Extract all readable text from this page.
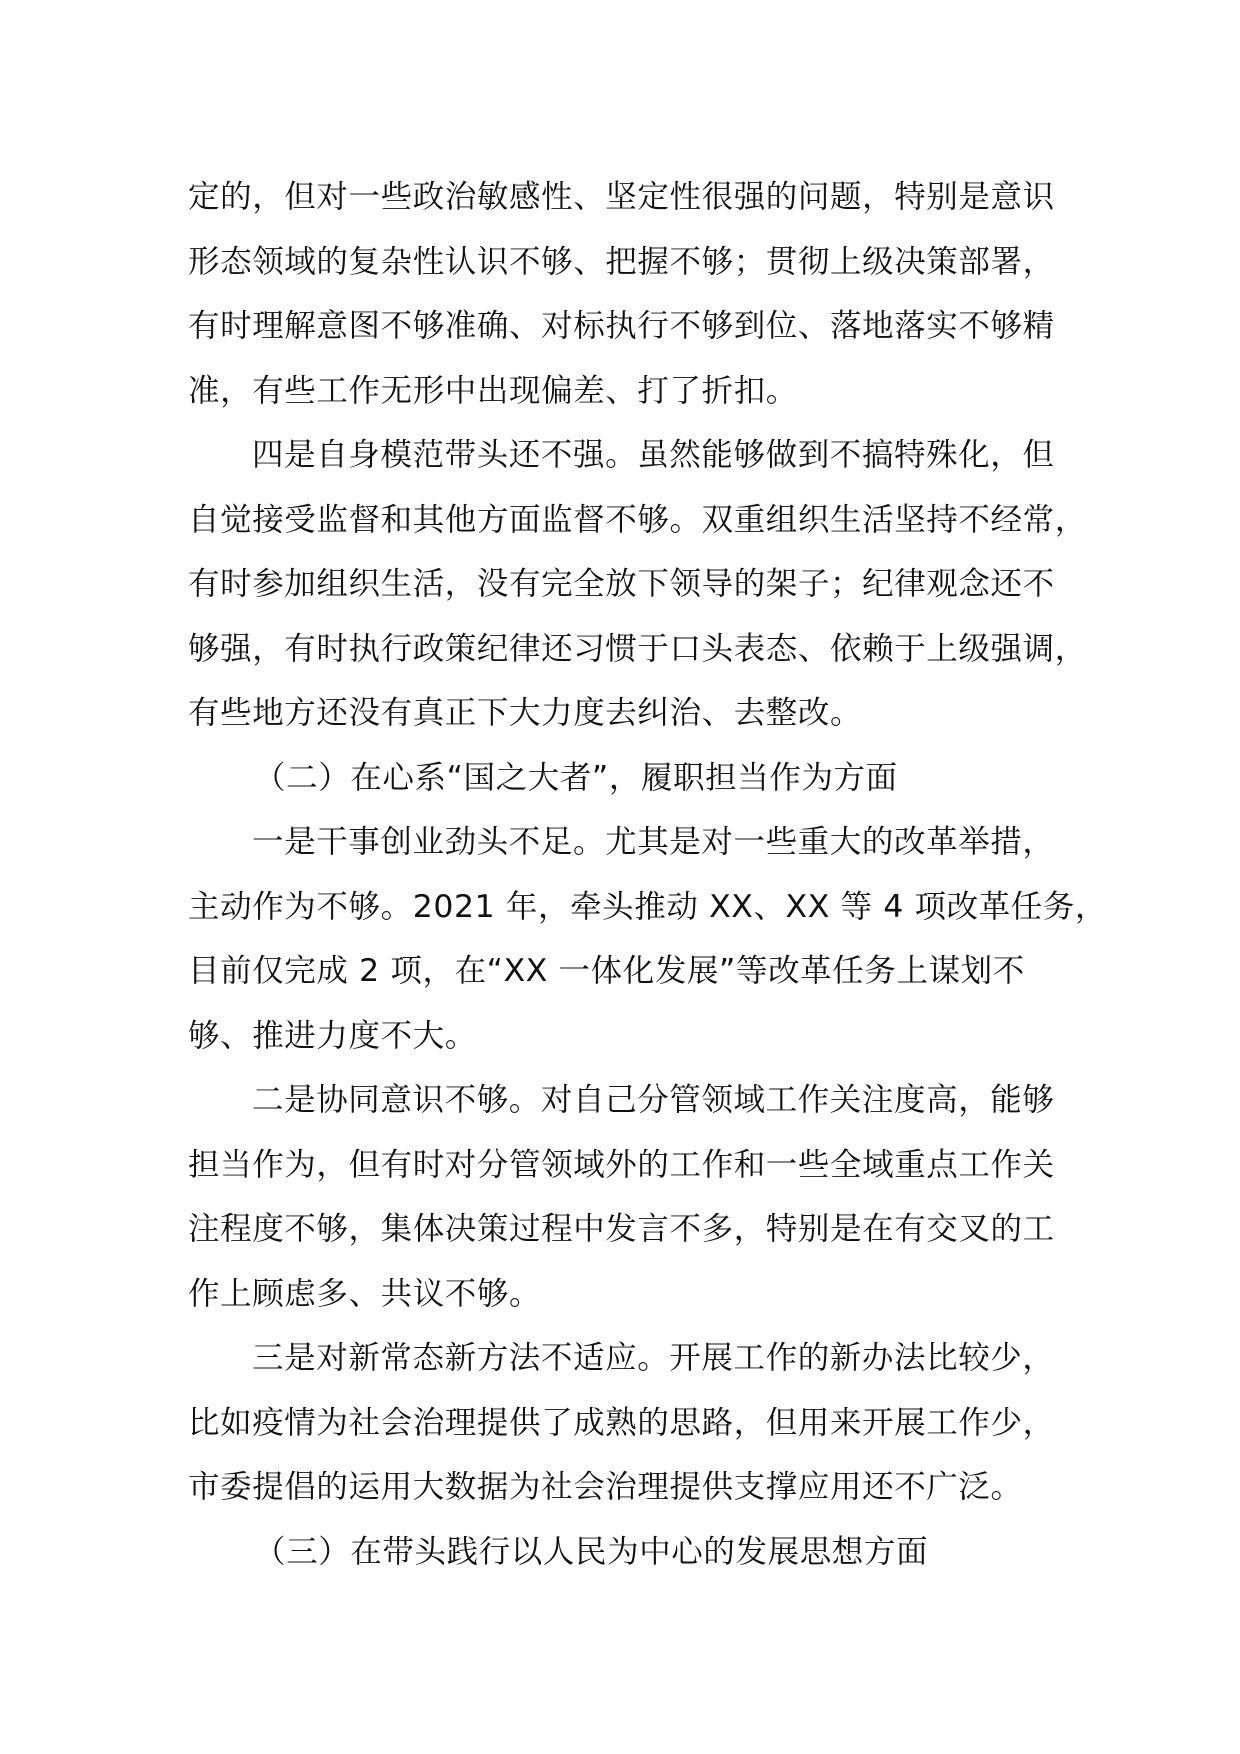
定的，但对一些政治敏感性、坚定性很强的问题，特别是意识
形态领域的复杂性认识不够、把握不够；贯彻上级决策部署，
有时理解意图不够准确、对标执行不够到位、落地落实不够精
准，有些工作无形中出现偏差、打了折扣。
四是自身模范带头还不强。虽然能够做到不搞特殊化，但
自觉接受监督和其他方面监督不够。双重组织生活坚持不经常，
有时参加组织生活，没有完全放下领导的架子；纪律观念还不
够强，有时执行政策纪律还习惯于口头表态、依赖于上级强调，
有些地方还没有真正下大力度去纠治、去整改。
（二）在心系“国之大者”，履职担当作为方面
一是干事创业劲头不足。尤其是对一些重大的改革举措，
主动作为不够。2021 年，牵头推动 XX、XX 等 4 项改革任务，
目前仅完成 2 项，在“XX 一体化发展”等改革任务上谋划不
够、推进力度不大。
二是协同意识不够。对自己分管领域工作关注度高，能够
担当作为，但有时对分管领域外的工作和一些全域重点工作关
注程度不够，集体决策过程中发言不多，特别是在有交叉的工
作上顾虑多、共议不够。
三是对新常态新方法不适应。开展工作的新办法比较少，
比如疫情为社会治理提供了成熟的思路，但用来开展工作少，
市委提倡的运用大数据为社会治理提供支撑应用还不广泛。
（三）在带头践行以人民为中心的发展思想方面
